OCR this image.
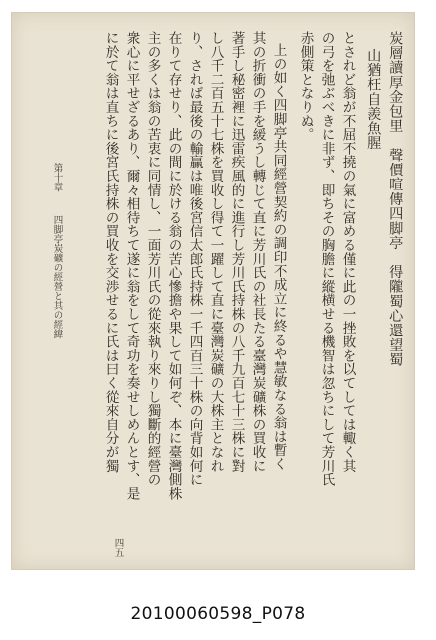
炭層讀厚金包里　聲價喧傳四脚亭　得隴蜀心還望蜀
山猶枉自羨魚腥
とされど翁が不屈不撓の氣に富める僅に此の一挫敗を以てしては輙く其
の弓を弛ぶべきに非ず、即ちその胸膽に縱横せる機智は忽ちにして芳川氏
赤側策となりぬ。
上の如く四脚亭共同經營契約の調印不成立に終るや慧敏なる翁は暫く
其の折衝の手を緩うし轉じて直に芳川氏の社長たる臺灣炭礦株の買收に
著手し秘密裡に迅雷疾風的に進行し芳川氏持株の八千九百七十三株に對
し八千二百五十七株を買收し得て一躍して直に臺灣炭礦の大株主となれ
り、されば最後の輸贏は唯後宮信太郎氏持株一千四百三十株の向背如何に
在りて存せり、此の間に於ける翁の苦心慘擔や果して如何ぞ、本に臺灣側株
主の多くは翁の苦衷に同情し、一面芳川氏の從來執り來りし獨斷的經營の
衆心に平せざるあり、爾々相待ちて遂に翁をして奇功を奏せしめんとす、是
に於て翁は直ちに後宮氏持株の買收を交渉せるに氏は曰く從來自分が獨
第十章
四脚亭炭礦の經營と其の經緯
四五
20100060598_P078
